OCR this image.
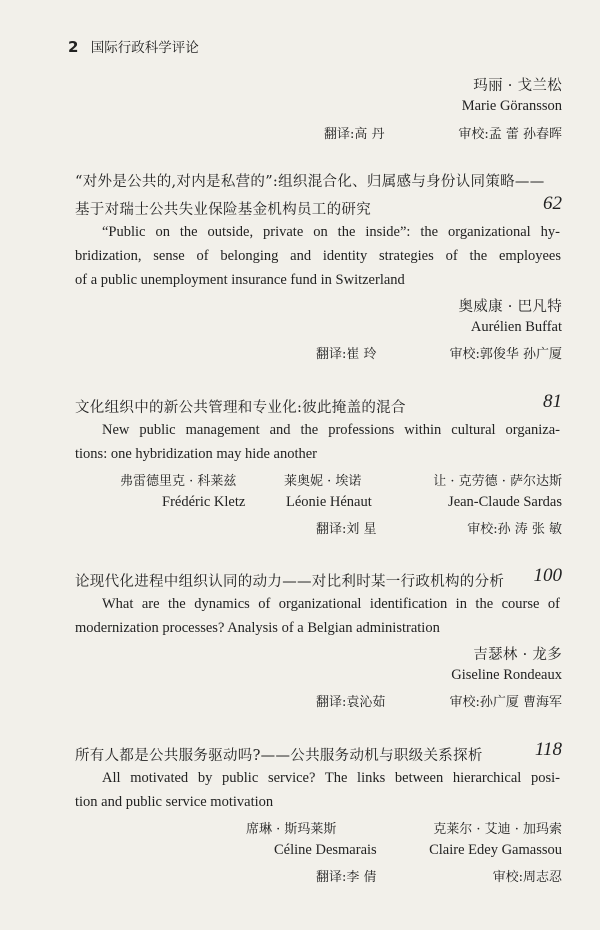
2 国际行政科学评论
玛丽 · 戈兰松
Marie Göransson
翻译:高 丹	审校:孟 蕾 孙春晖
“对外是公共的,对内是私营的”:组织混合化、归属感与身份认同策略——
基于对瑞士公共失业保险基金机构员工的研究	62
“Public on the outside, private on the inside”: the organizational hy-
bridization, sense of belonging and identity strategies of the employees
of a public unemployment insurance fund in Switzerland
奥威康 · 巴凡特
Aurélien Buffat
翻译:崔 玲	审校:郭俊华 孙广厦
文化组织中的新公共管理和专业化:彼此掩盖的混合	81
New public management and the professions within cultural organiza-
tions: one hybridization may hide another
弗雷德里克 · 科莱兹	莱奥妮 · 埃诺	让 · 克劳德 · 萨尔达斯
Frédéric Kletz	Léonie Hénaut	Jean-Claude Sardas
翻译:刘 星	审校:孙 涛 张 敏
论现代化进程中组织认同的动力——对比利时某一行政机构的分析 100
What are the dynamics of organizational identification in the course of
modernization processes? Analysis of a Belgian administration
吉瑟林 · 龙多
Giseline Rondeaux
翻译:袁沁茹	审校:孙广厦 曹海军
所有人都是公共服务驱动吗?——公共服务动机与职级关系探析	118
All motivated by public service? The links between hierarchical posi-
tion and public service motivation
席琳 · 斯玛莱斯	克莱尔 · 艾迪 · 加玛索
Céline Desmarais	Claire Edey Gamassou
翻译:李 倩	审校:周志忍
